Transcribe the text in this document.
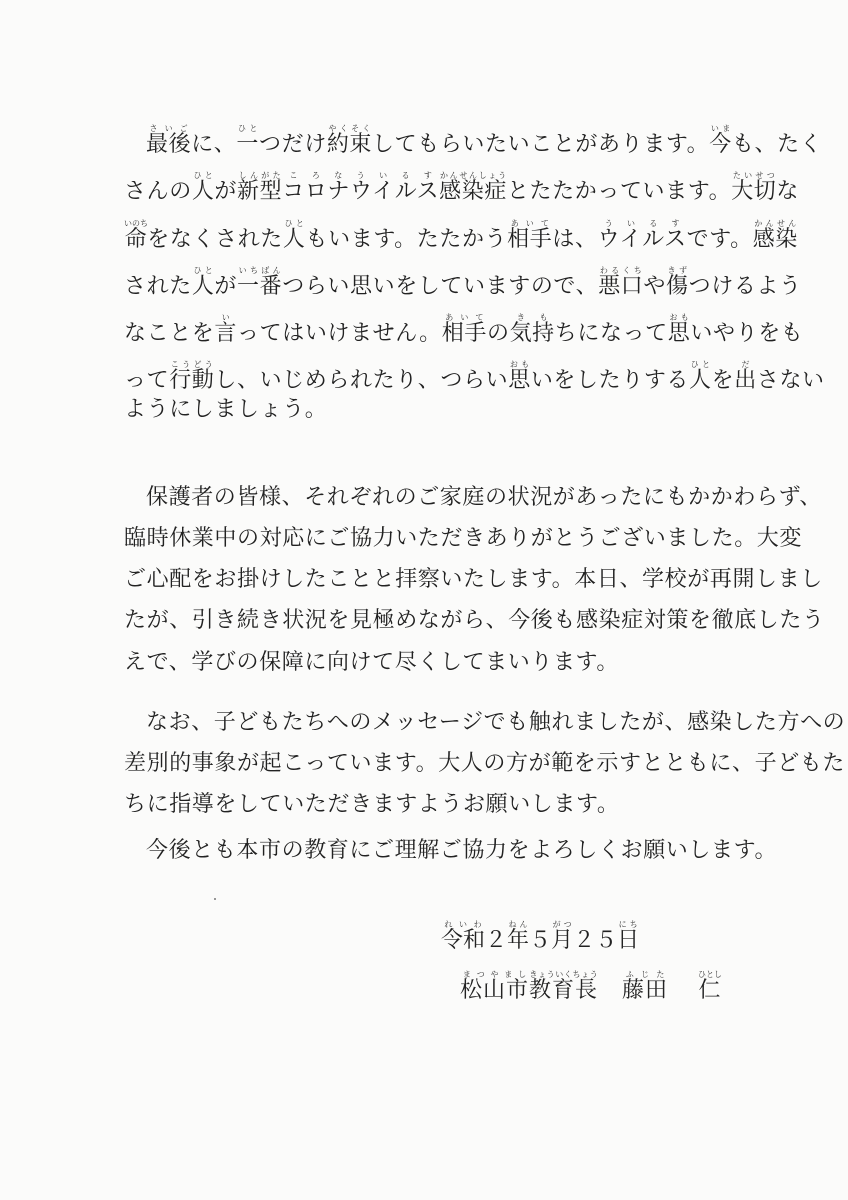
最後さいごに、一ひとつだけ約束やくそくしてもらいたいことがあります。今いまも、たく
さんの人ひとが新型しんがたコロナウイルスころなういるす感染症かんせんしょうとたたかっています。大切たいせつな
命いのちをなくされた人ひともいます。たたかう相手あいては、ウイルスういるすです。感染かんせん
された人ひとが一番いちばんつらい思いをしていますので、悪口わるくちや傷きずつけるよう
なことを言いってはいけません。相手あいての気持きもちになって思おもいやりをも
って行動こうどうし、いじめられたり、つらい思おもいをしたりする人ひとを出ださない
ようにしましょう。
保護者の皆様、それぞれのご家庭の状況があったにもかかわらず、
臨時休業中の対応にご協力いただきありがとうございました。大変
ご心配をお掛けしたことと拝察いたします。本日、学校が再開しまし
たが、引き続き状況を見極めながら、今後も感染症対策を徹底したう
えで、学びの保障に向けて尽くしてまいります。
なお、子どもたちへのメッセージでも触れましたが、感染した方への
差別的事象が起こっています。大人の方が範を示すとともに、子どもた
ちに指導をしていただきますようお願いします。
今後とも本市の教育にご理解ご協力をよろしくお願いします。
令和れいわ２年ねん５月がつ２５日にち
松山市まつやまし教育長きょういくちょう藤田ふじた仁ひとし
